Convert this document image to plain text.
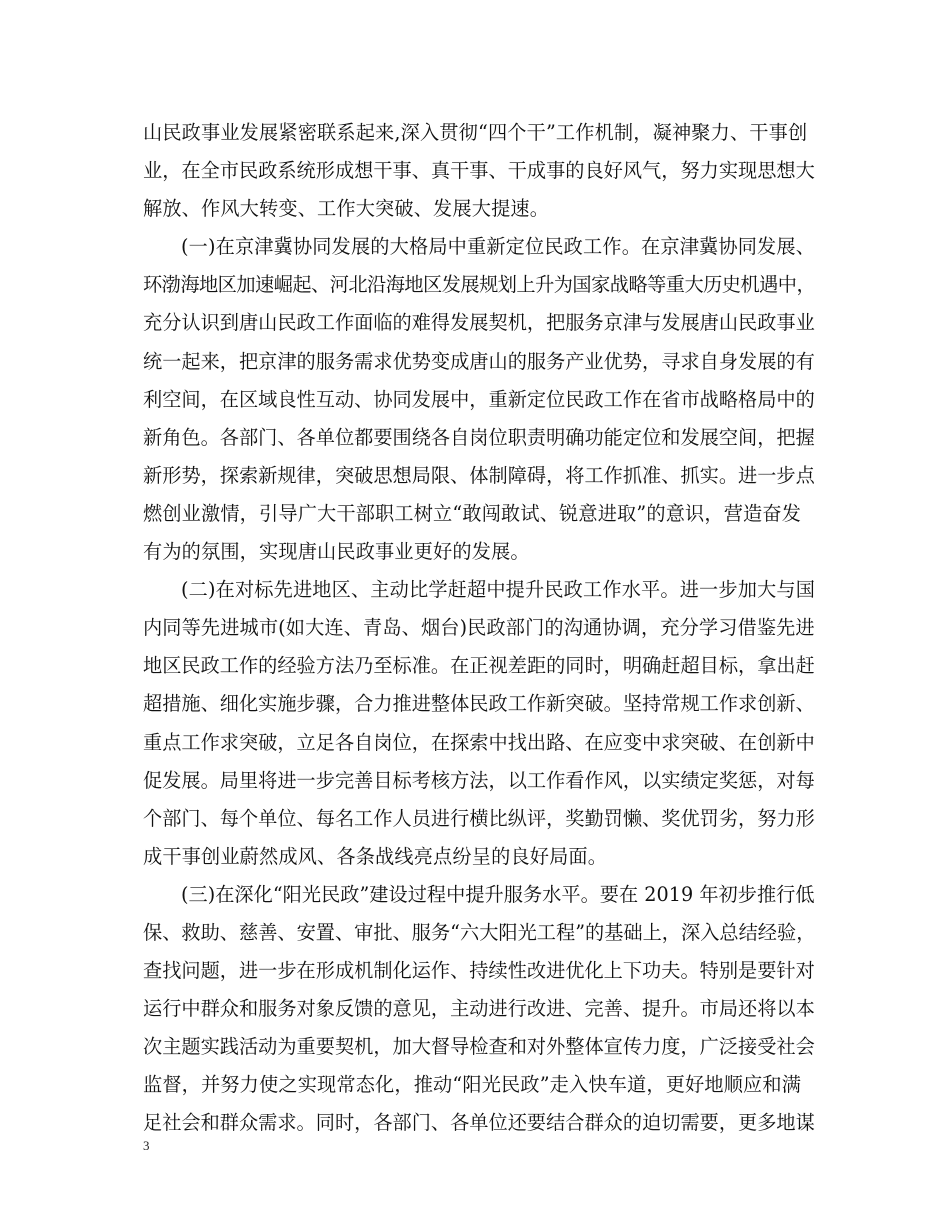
山民政事业发展紧密联系起来,深入贯彻“四个干”工作机制，凝神聚力、干事创
业，在全市民政系统形成想干事、真干事、干成事的良好风气，努力实现思想大
解放、作风大转变、工作大突破、发展大提速。
(一)在京津冀协同发展的大格局中重新定位民政工作。在京津冀协同发展、
环渤海地区加速崛起、河北沿海地区发展规划上升为国家战略等重大历史机遇中，
充分认识到唐山民政工作面临的难得发展契机，把服务京津与发展唐山民政事业
统一起来，把京津的服务需求优势变成唐山的服务产业优势，寻求自身发展的有
利空间，在区域良性互动、协同发展中，重新定位民政工作在省市战略格局中的
新角色。各部门、各单位都要围绕各自岗位职责明确功能定位和发展空间，把握
新形势，探索新规律，突破思想局限、体制障碍，将工作抓准、抓实。进一步点
燃创业激情，引导广大干部职工树立“敢闯敢试、锐意进取”的意识，营造奋发
有为的氛围，实现唐山民政事业更好的发展。
(二)在对标先进地区、主动比学赶超中提升民政工作水平。进一步加大与国
内同等先进城市(如大连、青岛、烟台)民政部门的沟通协调，充分学习借鉴先进
地区民政工作的经验方法乃至标准。在正视差距的同时，明确赶超目标，拿出赶
超措施、细化实施步骤，合力推进整体民政工作新突破。坚持常规工作求创新、
重点工作求突破，立足各自岗位，在探索中找出路、在应变中求突破、在创新中
促发展。局里将进一步完善目标考核方法，以工作看作风，以实绩定奖惩，对每
个部门、每个单位、每名工作人员进行横比纵评，奖勤罚懒、奖优罚劣，努力形
成干事创业蔚然成风、各条战线亮点纷呈的良好局面。
(三)在深化“阳光民政”建设过程中提升服务水平。要在 2019 年初步推行低
保、救助、慈善、安置、审批、服务“六大阳光工程”的基础上，深入总结经验，
查找问题，进一步在形成机制化运作、持续性改进优化上下功夫。特别是要针对
运行中群众和服务对象反馈的意见，主动进行改进、完善、提升。市局还将以本
次主题实践活动为重要契机，加大督导检查和对外整体宣传力度，广泛接受社会
监督，并努力使之实现常态化，推动“阳光民政”走入快车道，更好地顺应和满
足社会和群众需求。同时，各部门、各单位还要结合群众的迫切需要，更多地谋
3
